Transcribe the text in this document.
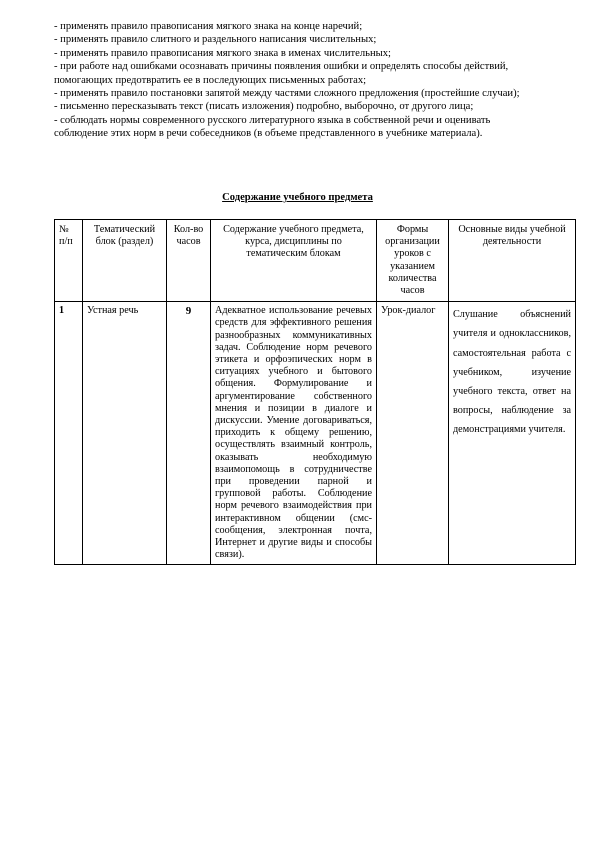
- применять правило правописания мягкого знака на конце наречий;

- применять правило слитного и раздельного написания числительных;

- применять правило правописания мягкого знака в именах числительных;

- при работе над ошибками осознавать причины появления ошибки и определять способы действий, помогающих предотвратить ее в последующих письменных работах;

- применять правило постановки запятой между частями сложного предложения (простейшие случаи);

- письменно пересказывать текст (писать изложения) подробно, выборочно, от другого лица;

- соблюдать нормы современного русского литературного языка в собственной речи и оценивать соблюдение этих норм в речи собеседников (в объеме представленного в учебнике материала).

Содержание учебного предмета
№ п/п	Тематический блок (раздел)	Кол-во часов	Содержание учебного предмета, курса, дисциплины по тематическим блокам	Формы организации уроков с указанием количества часов	Основные виды учебной деятельности
1	Устная речь	9	Адекватное использование речевых средств для эффективного решения разнообразных коммуникативных задач. Соблюдение норм речевого этикета и орфоэпических норм в ситуациях учебного и бытового общения. Формулирование и аргументирование собственного мнения и позиции в диалоге и дискуссии. Умение договариваться, приходить к общему решению, осуществлять взаимный контроль, оказывать необходимую взаимопомощь в сотрудничестве при проведении парной и групповой работы. Соблюдение норм речевого взаимодействия при интерактивном общении (смс-сообщения, электронная почта, Интернет и другие виды и способы связи).	Урок-диалог	Слушание объяснений учителя и одноклассников, самостоятельная работа с учебником, изучение учебного текста, ответ на вопросы, наблюдение за демонстрациями учителя.
